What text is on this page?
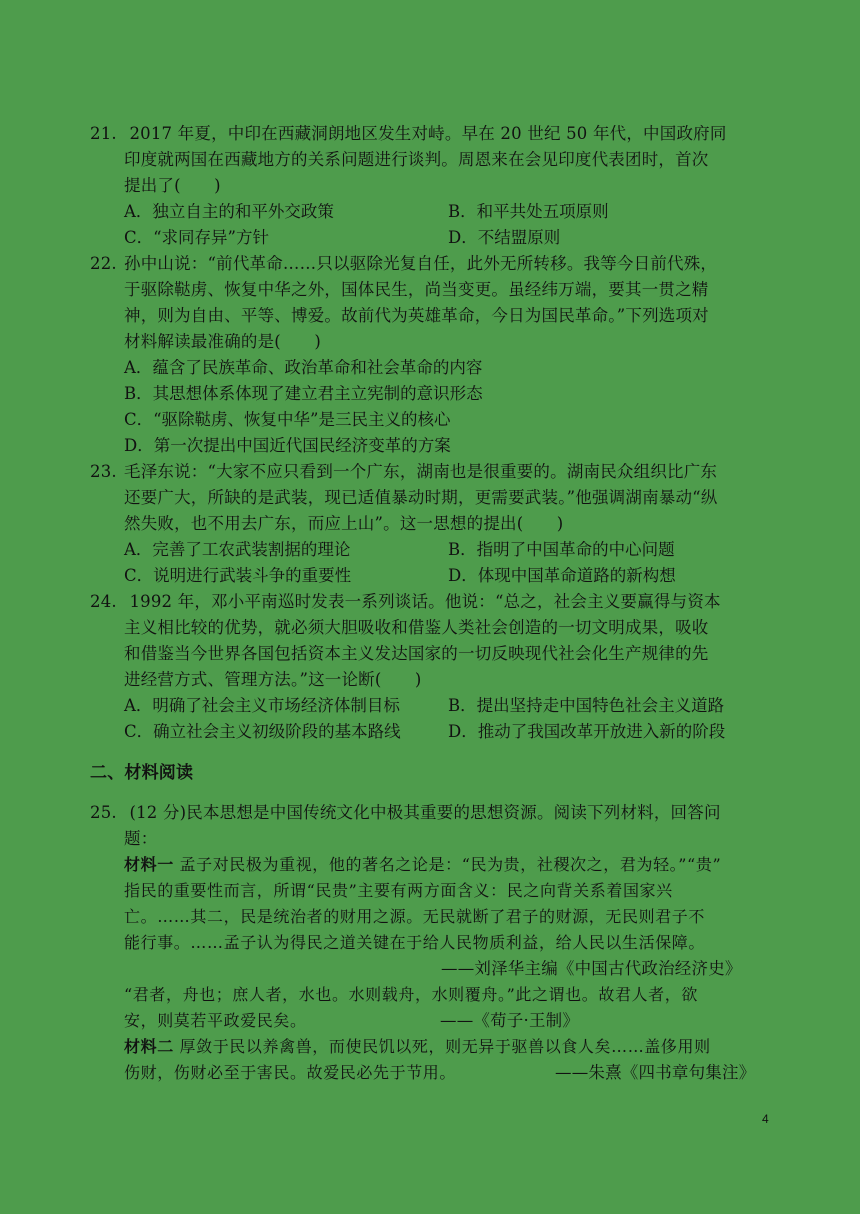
21. 2017 年夏，中印在西藏洞朗地区发生对峙。早在 20 世纪 50 年代，中国政府同
印度就两国在西藏地方的关系问题进行谈判。周恩来在会见印度代表团时，首次
提出了(　　)
A．独立自主的和平外交政策	B．和平共处五项原则
C．“求同存异”方针	D．不结盟原则
22. 孙中山说：“前代革命……只以驱除光复自任，此外无所转移。我等今日前代殊，
于驱除鞑虏、恢复中华之外，国体民生，尚当变更。虽经纬万端，要其一贯之精
神，则为自由、平等、博爱。故前代为英雄革命，今日为国民革命。”下列选项对
材料解读最准确的是(　　)
A．蕴含了民族革命、政治革命和社会革命的内容
B．其思想体系体现了建立君主立宪制的意识形态
C．“驱除鞑虏、恢复中华”是三民主义的核心
D．第一次提出中国近代国民经济变革的方案
23. 毛泽东说：“大家不应只看到一个广东，湖南也是很重要的。湖南民众组织比广东
还要广大，所缺的是武装，现已适值暴动时期，更需要武装。”他强调湖南暴动“纵
然失败，也不用去广东，而应上山”。这一思想的提出(　　)
A．完善了工农武装割据的理论	B．指明了中国革命的中心问题
C．说明进行武装斗争的重要性	D．体现中国革命道路的新构想
24. 1992 年，邓小平南巡时发表一系列谈话。他说：“总之，社会主义要赢得与资本
主义相比较的优势，就必须大胆吸收和借鉴人类社会创造的一切文明成果，吸收
和借鉴当今世界各国包括资本主义发达国家的一切反映现代社会化生产规律的先
进经营方式、管理方法。”这一论断(　　)
A．明确了社会主义市场经济体制目标	B．提出坚持走中国特色社会主义道路
C．确立社会主义初级阶段的基本路线	D．推动了我国改革开放进入新的阶段
二、材料阅读
25. (12 分)民本思想是中国传统文化中极其重要的思想资源。阅读下列材料，回答问
题：
材料一 孟子对民极为重视，他的著名之论是：“民为贵，社稷次之，君为轻。”“贵”
指民的重要性而言，所谓“民贵”主要有两方面含义：民之向背关系着国家兴
亡。……其二，民是统治者的财用之源。无民就断了君子的财源，无民则君子不
能行事。……孟子认为得民之道关键在于给人民物质利益，给人民以生活保障。
——刘泽华主编《中国古代政治经济史》
“君者，舟也；庶人者，水也。水则载舟，水则覆舟。”此之谓也。故君人者，欲
安，则莫若平政爱民矣。	——《荀子·王制》
材料二 厚敛于民以养禽兽，而使民饥以死，则无异于驱兽以食人矣……盖侈用则
伤财，伤财必至于害民。故爱民必先于节用。	——朱熹《四书章句集注》
4
